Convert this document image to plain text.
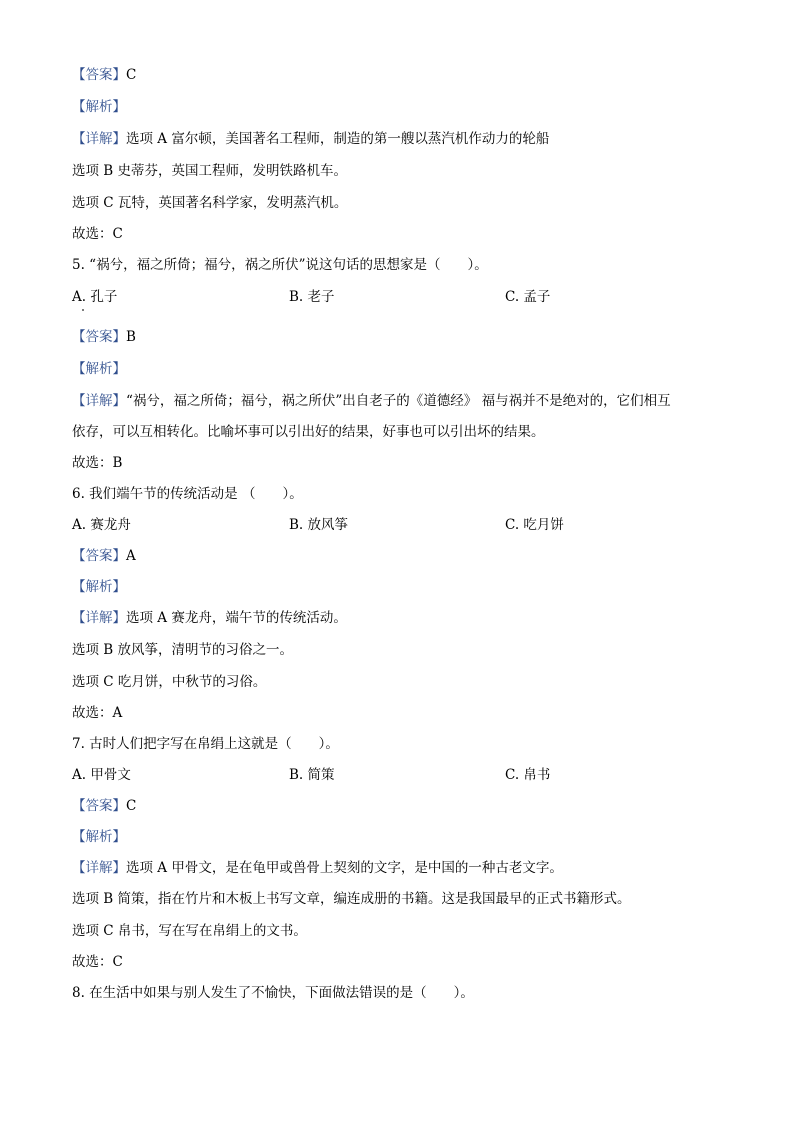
【答案】C
【解析】
【详解】选项 A 富尔顿，美国著名工程师，制造的第一艘以蒸汽机作动力的轮船
选项 B 史蒂芬，英国工程师，发明铁路机车。
选项 C 瓦特，英国著名科学家，发明蒸汽机。
故选：C
5. “祸兮，福之所倚；福兮，祸之所伏”说这句话的思想家是（　　）。
A. 孔子	B. 老子	C. 孟子
【答案】B
【解析】
【详解】“祸兮，福之所倚；福兮，祸之所伏”出自老子的《道德经》 福与祸并不是绝对的，它们相互
依存，可以互相转化。比喻坏事可以引出好的结果，好事也可以引出坏的结果。
故选：B
6. 我们端午节的传统活动是 （　　）。
A. 赛龙舟	B. 放风筝	C. 吃月饼
【答案】A
【解析】
【详解】选项 A 赛龙舟，端午节的传统活动。
选项 B 放风筝，清明节的习俗之一。
选项 C 吃月饼，中秋节的习俗。
故选：A
7. 古时人们把字写在帛绢上这就是（　　）。
A. 甲骨文	B. 简策	C. 帛书
【答案】C
【解析】
【详解】选项 A 甲骨文，是在龟甲或兽骨上契刻的文字，是中国的一种古老文字。
选项 B 简策，指在竹片和木板上书写文章，编连成册的书籍。这是我国最早的正式书籍形式。
选项 C 帛书，写在写在帛绢上的文书。
故选：C
8. 在生活中如果与别人发生了不愉快，下面做法错误的是（　　）。
